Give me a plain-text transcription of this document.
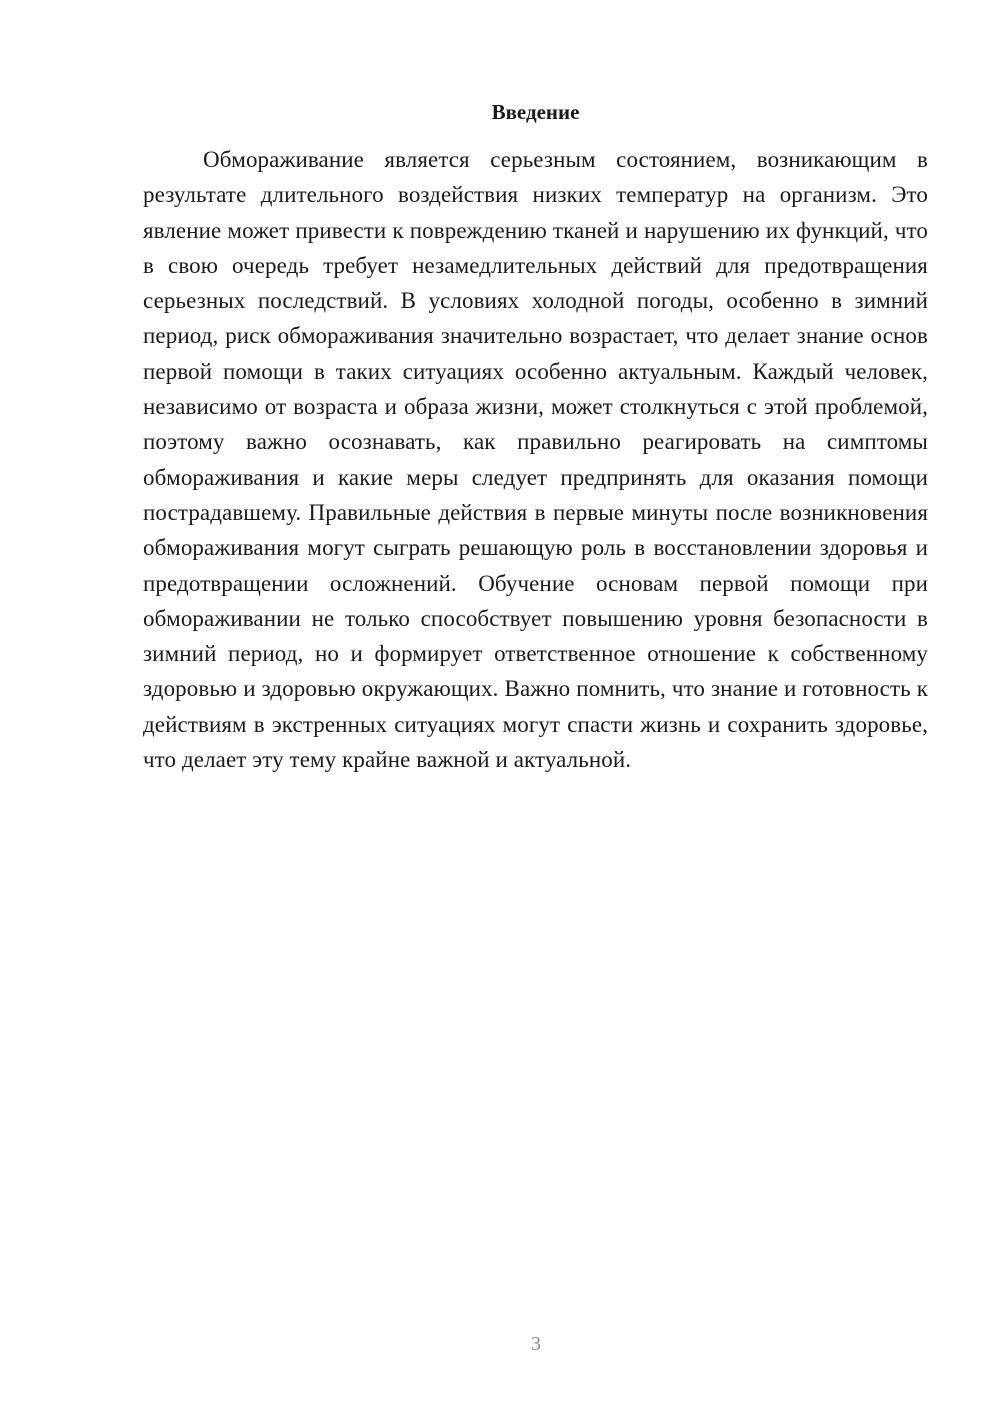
Введение

Обмораживание является серьезным состоянием, возникающим в результате длительного воздействия низких температур на организм. Это явление может привести к повреждению тканей и нарушению их функций, что в свою очередь требует незамедлительных действий для предотвращения серьезных последствий. В условиях холодной погоды, особенно в зимний период, риск обмораживания значительно возрастает, что делает знание основ первой помощи в таких ситуациях особенно актуальным. Каждый человек, независимо от возраста и образа жизни, может столкнуться с этой проблемой, поэтому важно осознавать, как правильно реагировать на симптомы обмораживания и какие меры следует предпринять для оказания помощи пострадавшему. Правильные действия в первые минуты после возникновения обмораживания могут сыграть решающую роль в восстановлении здоровья и предотвращении осложнений. Обучение основам первой помощи при обмораживании не только способствует повышению уровня безопасности в зимний период, но и формирует ответственное отношение к собственному здоровью и здоровью окружающих. Важно помнить, что знание и готовность к действиям в экстренных ситуациях могут спасти жизнь и сохранить здоровье, что делает эту тему крайне важной и актуальной.

3
